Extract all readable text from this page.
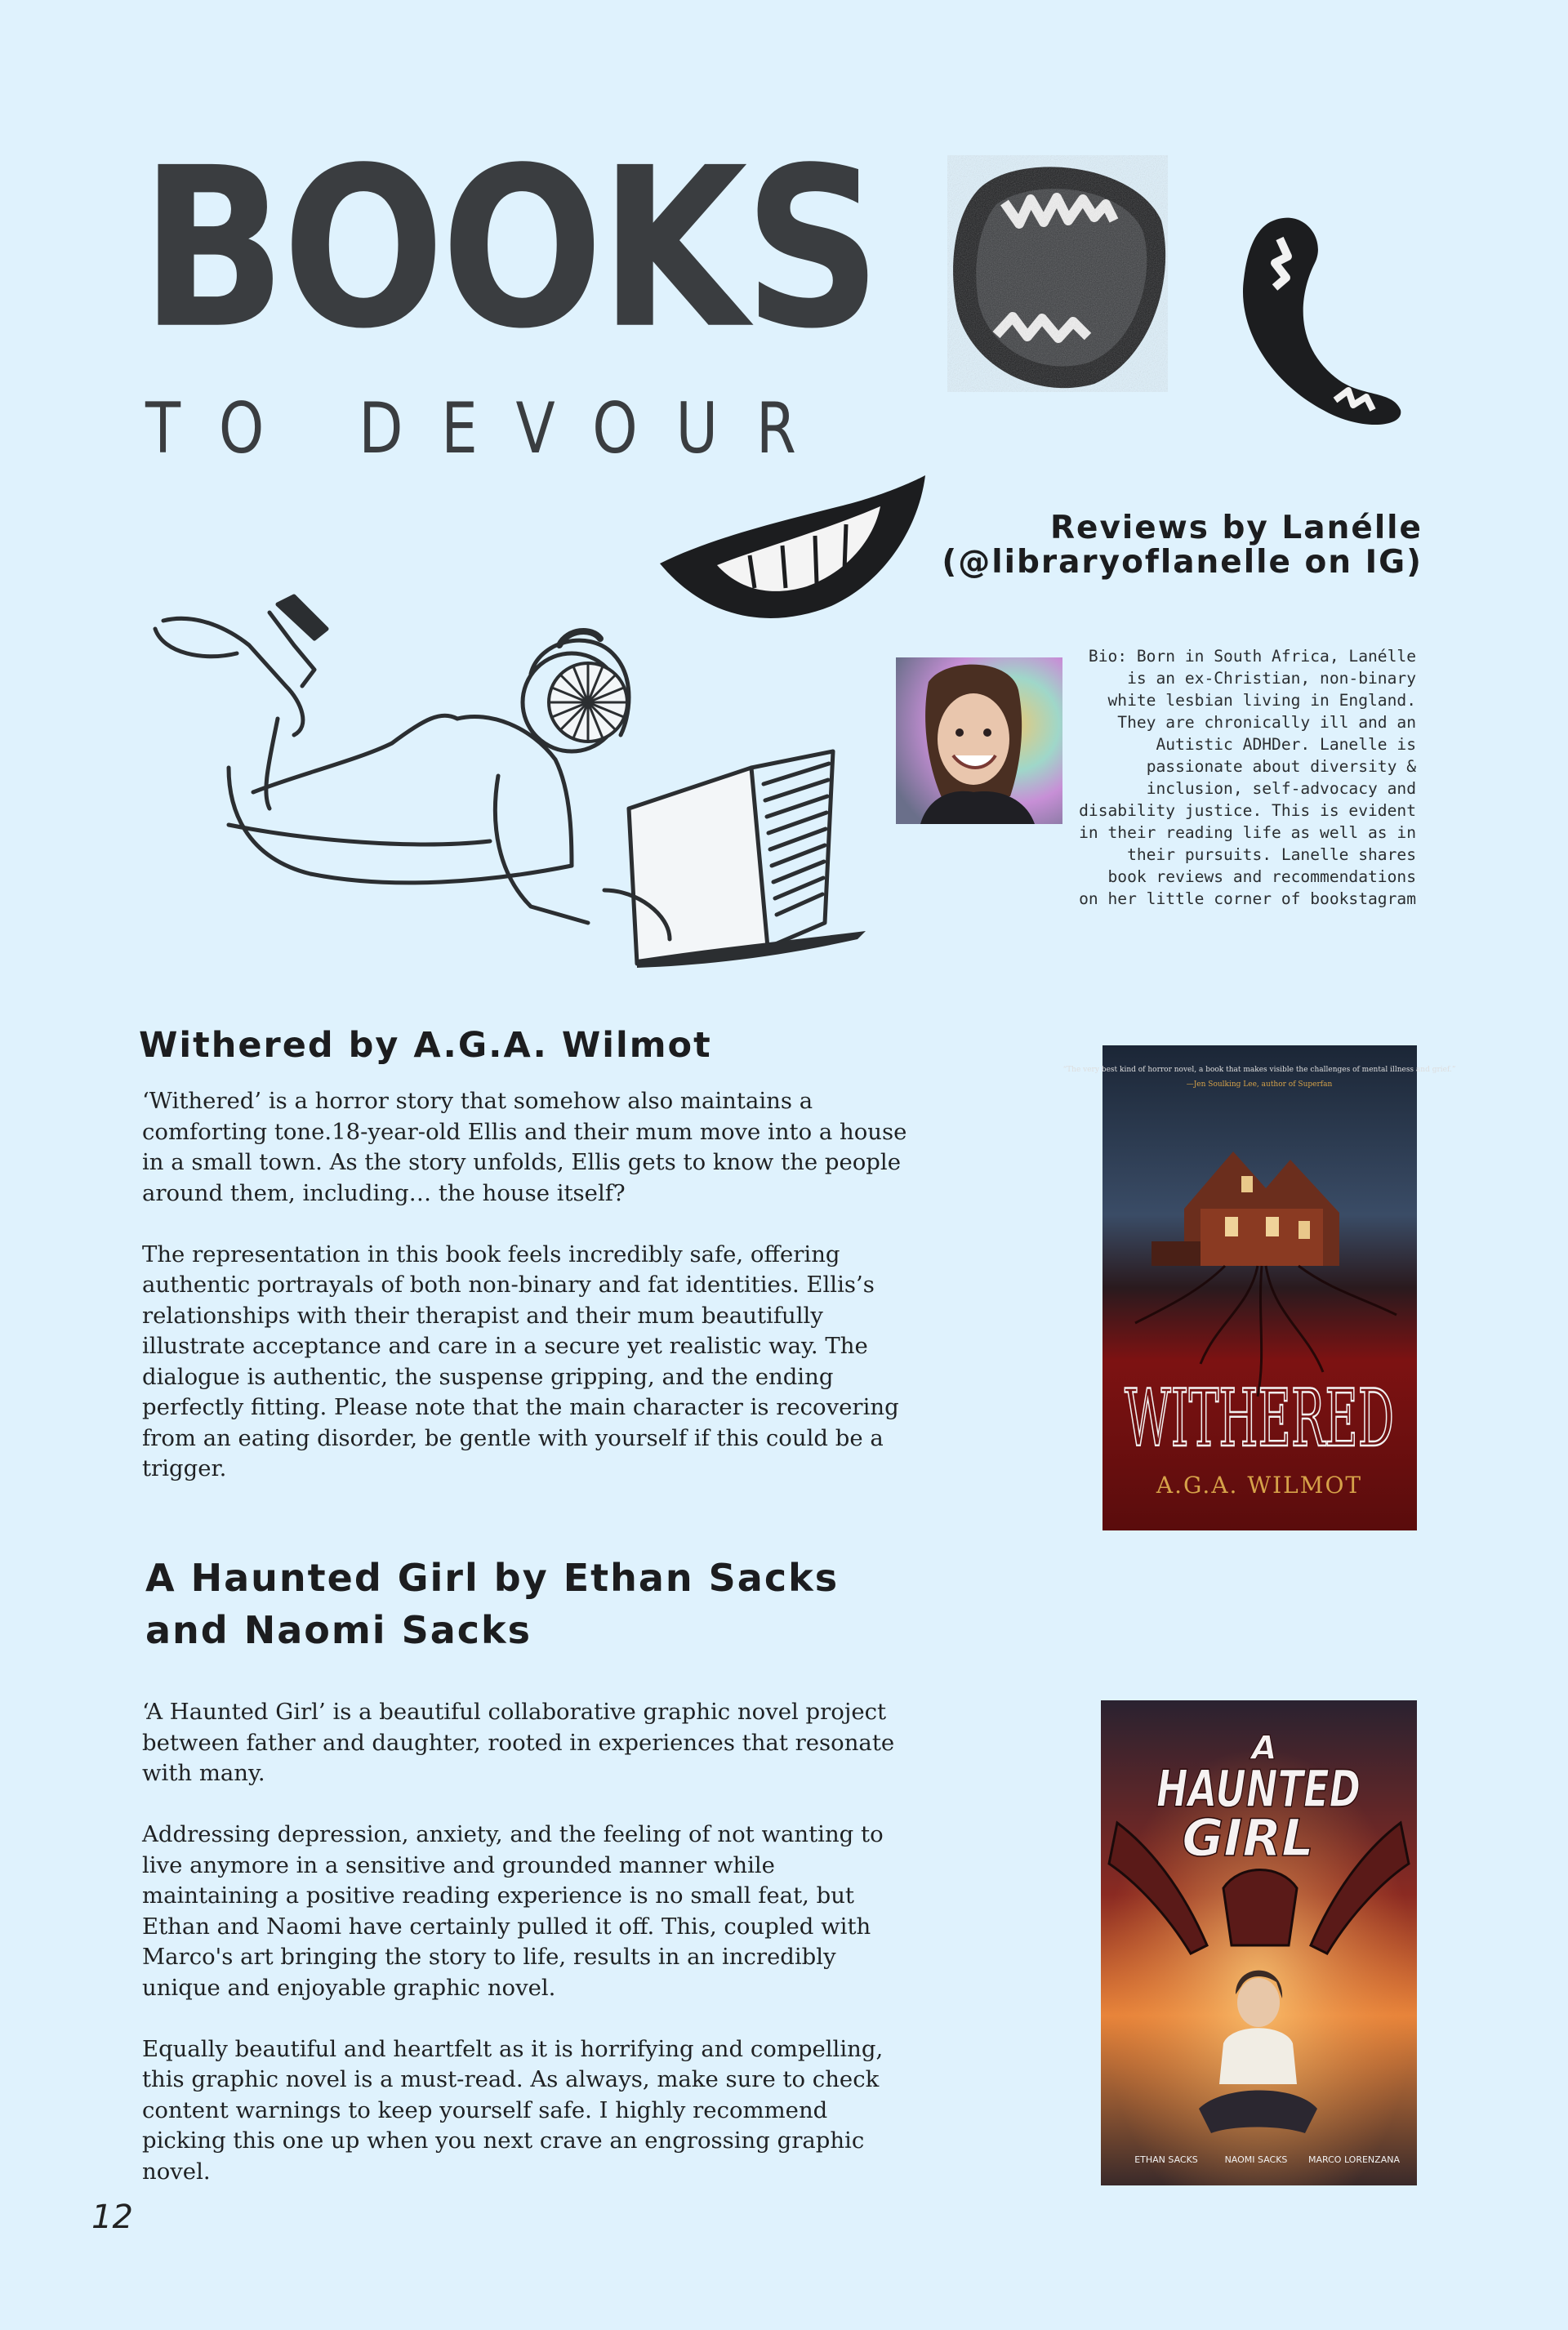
BOOKS
TO DEVOUR
Reviews by Lanélle
(@libraryoflanelle on IG)
Bio: Born in South Africa, Lanélle
is an ex-Christian, non-binary
white lesbian living in England.
They are chronically ill and an
Autistic ADHDer. Lanelle is
passionate about diversity &
inclusion, self-advocacy and
disability justice. This is evident
in their reading life as well as in
their pursuits. Lanelle shares
book reviews and recommendations
on her little corner of bookstagram
Withered by A.G.A. Wilmot

‘Withered’ is a horror story that somehow also maintains a comforting tone.18-year-old Ellis and their mum move into a house in a small town. As the story unfolds, Ellis gets to know the people around them, including… the house itself?

The representation in this book feels incredibly safe, offering authentic portrayals of both non-binary and fat identities. Ellis’s relationships with their therapist and their mum beautifully illustrate acceptance and care in a secure yet realistic way. The dialogue is authentic, the suspense gripping, and the ending perfectly fitting. Please note that the main character is recovering from an eating disorder, be gentle with yourself if this could be a trigger.

“The very best kind of horror novel, a book that makes visible the challenges of mental illness and grief.”
—Jen Soulking Lee, author of Superfan
WITHERED
A.G.A. WILMOT
A Haunted Girl by Ethan Sacks and Naomi Sacks

‘A Haunted Girl’ is a beautiful collaborative graphic novel project between father and daughter, rooted in experiences that resonate with many.

Addressing depression, anxiety, and the feeling of not wanting to live anymore in a sensitive and grounded manner while maintaining a positive reading experience is no small feat, but Ethan and Naomi have certainly pulled it off. This, coupled with Marco's art bringing the story to life, results in an incredibly unique and enjoyable graphic novel.

Equally beautiful and heartfelt as it is horrifying and compelling, this graphic novel is a must-read. As always, make sure to check content warnings to keep yourself safe. I highly recommend picking this one up when you next crave an engrossing graphic novel.

A
HAUNTED
GIRL
ETHAN SACKS	NAOMI SACKS MARCO LORENZANA
12
